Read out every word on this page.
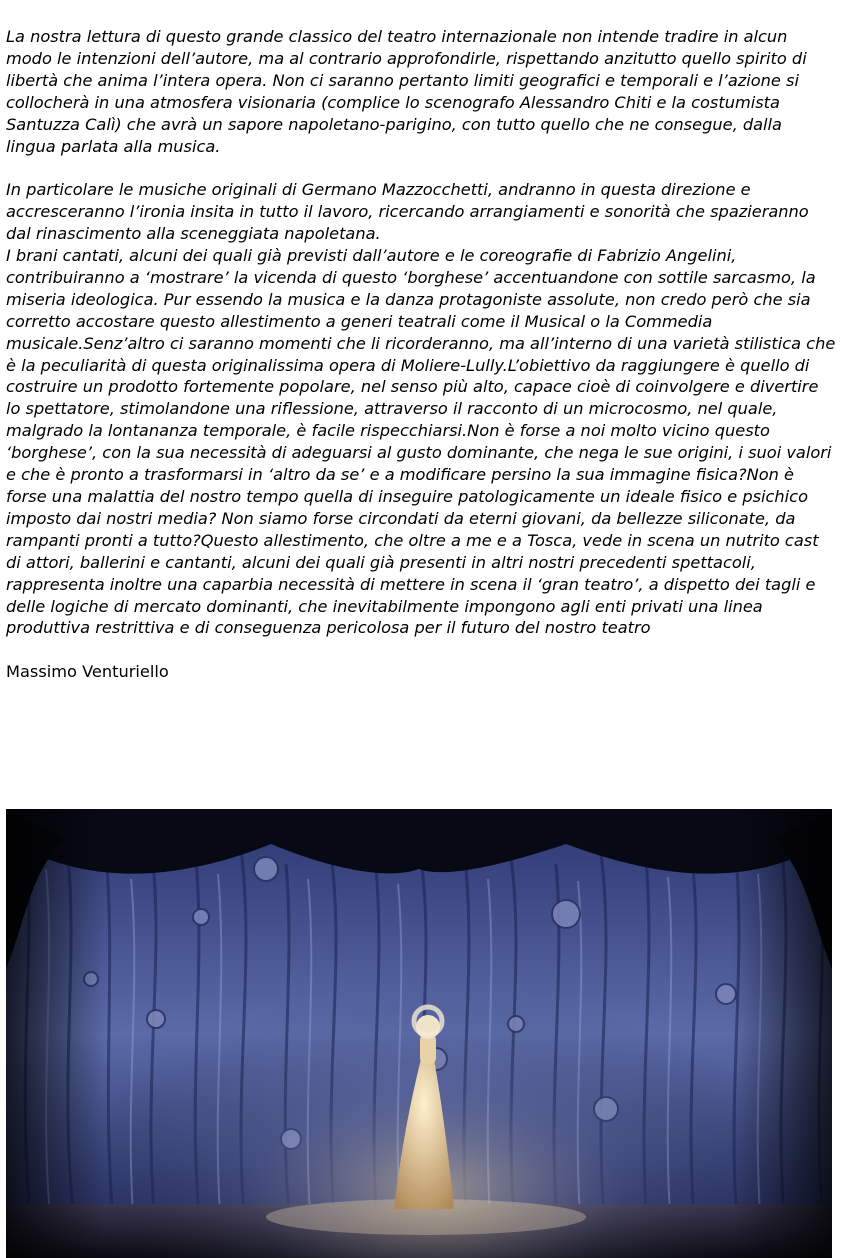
La nostra lettura di questo grande classico del teatro internazionale non intende tradire in alcun modo le intenzioni dell’autore, ma al contrario approfondirle, rispettando anzitutto quello spirito di libertà che anima l’intera opera. Non ci saranno pertanto limiti geografici e temporali e l’azione si collocherà in una atmosfera visionaria (complice lo scenografo Alessandro Chiti e la costumista Santuzza Calì) che avrà un sapore napoletano-parigino, con tutto quello che ne consegue, dalla lingua parlata alla musica.

In particolare le musiche originali di Germano Mazzocchetti, andranno in questa direzione e accresceranno l’ironia insita in tutto il lavoro, ricercando arrangiamenti e sonorità che spazieranno dal rinascimento alla sceneggiata napoletana.

I brani cantati, alcuni dei quali già previsti dall’autore e le coreografie di Fabrizio Angelini, contribuiranno a ‘mostrare’ la vicenda di questo ‘borghese’ accentuandone con sottile sarcasmo, la miseria ideologica. Pur essendo la musica e la danza protagoniste assolute, non credo però che sia corretto accostare questo allestimento a generi teatrali come il Musical o la Commedia musicale.Senz’altro ci saranno momenti che li ricorderanno, ma all’interno di una varietà stilistica che è la peculiarità di questa originalissima opera di Moliere-Lully.L’obiettivo da raggiungere è quello di costruire un prodotto fortemente popolare, nel senso più alto, capace cioè di coinvolgere e divertire lo spettatore, stimolandone una riflessione, attraverso il racconto di un microcosmo, nel quale, malgrado la lontananza temporale, è facile rispecchiarsi.Non è forse a noi molto vicino questo ‘borghese’, con la sua necessità di adeguarsi al gusto dominante, che nega le sue origini, i suoi valori e che è pronto a trasformarsi in ‘altro da se’ e a modificare persino la sua immagine fisica?Non è forse una malattia del nostro tempo quella di inseguire patologicamente un ideale fisico e psichico imposto dai nostri media? Non siamo forse circondati da eterni giovani, da bellezze siliconate, da rampanti pronti a tutto?Questo allestimento, che oltre a me e a Tosca, vede in scena un nutrito cast di attori, ballerini e cantanti, alcuni dei quali già presenti in altri nostri precedenti spettacoli, rappresenta inoltre una caparbia necessità di mettere in scena il ‘gran teatro’, a dispetto dei tagli e delle logiche di mercato dominanti, che inevitabilmente impongono agli enti privati una linea produttiva restrittiva e di conseguenza pericolosa per il futuro del nostro teatro

Massimo Venturiello
